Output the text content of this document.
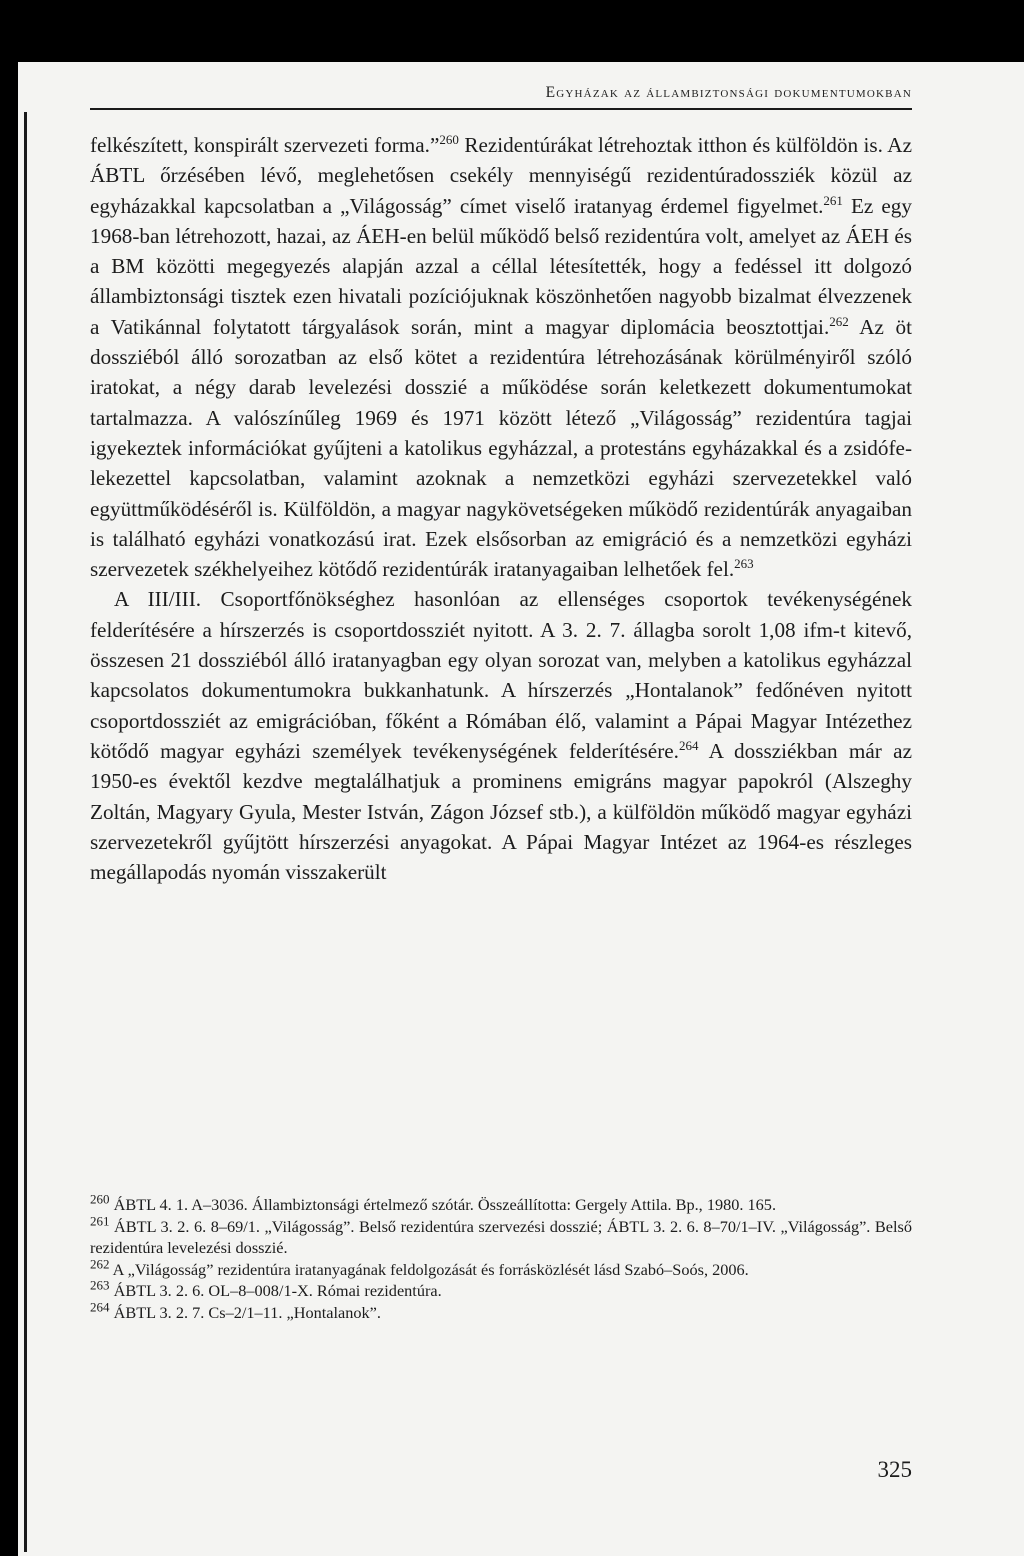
Egyházak az állambiztonsági dokumentumokban

felkészített, konspirált szervezeti forma.”$^{260}$ Rezidentúrákat létrehoztak itthon és külföldön is. Az ÁBTL őrzésében lévő, meglehetősen csekély mennyiségű rezidentúradossziék közül az egyházakkal kapcsolatban a „Világosság” címet viselő iratanyag érdemel figyelmet.$^{261}$ Ez egy 1968-ban létrehozott, hazai, az ÁEH-en belül működő belső rezidentúra volt, amelyet az ÁEH és a BM közötti megegyezés alapján azzal a céllal létesítették, hogy a fedéssel itt dolgozó állambiztonsági tisztek ezen hivatali pozíciójuknak köszönhetően nagyobb bizalmat élvezzenek a Vatikánnal folytatott tárgyalások során, mint a magyar diplomácia beosztottjai.$^{262}$ Az öt dossziéból álló sorozatban az első kötet a rezidentúra létrehozásának körülményiről szóló iratokat, a négy darab levelezési dosszié a működése során keletkezett dokumentumokat tartalmazza. A valószínűleg 1969 és 1971 között létező „Világosság” rezidentúra tagjai igyekeztek információkat gyűjteni a katolikus egyházzal, a protestáns egyházakkal és a zsidófelekezettel kapcsolatban, valamint azoknak a nemzetközi egyházi szervezetekkel való együttműködéséről is. Külföldön, a magyar nagykövetségeken működő rezidentúrák anyagaiban is található egyházi vonatkozású irat. Ezek elsősorban az emigráció és a nemzetközi egyházi szervezetek székhelyeihez kötődő rezidentúrák iratanyagaiban lelhetőek fel.$^{263}$

A III/III. Csoportfőnökséghez hasonlóan az ellenséges csoportok tevékenységének felderítésére a hírszerzés is csoportdossziét nyitott. A 3. 2. 7. állagba sorolt 1,08 ifm-t kitevő, összesen 21 dossziéból álló iratanyagban egy olyan sorozat van, melyben a katolikus egyházzal kapcsolatos dokumentumokra bukkanhatunk. A hírszerzés „Hontalanok” fedőnéven nyitott csoportdossziét az emigrációban, főként a Rómában élő, valamint a Pápai Magyar Intézethez kötődő magyar egyházi személyek tevékenységének felderítésére.$^{264}$ A dossziékban már az 1950-es évektől kezdve megtalálhatjuk a prominens emigráns magyar papokról (Alszeghy Zoltán, Magyary Gyula, Mester István, Zágon József stb.), a külföldön működő magyar egyházi szervezetekről gyűjtött hírszerzési anyagokat. A Pápai Magyar Intézet az 1964-es részleges megállapodás nyomán visszakerült

$^{260}$ ÁBTL 4. 1. A–3036. Állambiztonsági értelmező szótár. Összeállította: Gergely Attila. Bp., 1980. 165.

$^{261}$ ÁBTL 3. 2. 6. 8–69/1. „Világosság”. Belső rezidentúra szervezési dosszié; ÁBTL 3. 2. 6. 8–70/1–IV. „Világosság”. Belső rezidentúra levelezési dosszié.

$^{262}$ A „Világosság” rezidentúra iratanyagának feldolgozását és forrásközlését lásd Szabó–Soós, 2006.

$^{263}$ ÁBTL 3. 2. 6. OL–8–008/1-X. Római rezidentúra.

$^{264}$ ÁBTL 3. 2. 7. Cs–2/1–11. „Hontalanok”.

325
